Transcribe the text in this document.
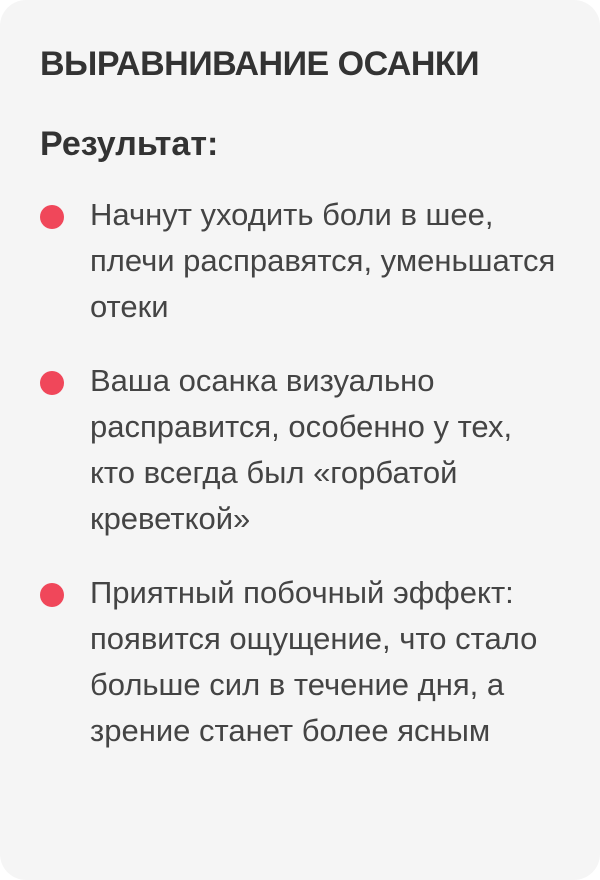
ВЫРАВНИВАНИЕ ОСАНКИ
Результат:
Начнут уходить боли в шее, плечи расправятся, уменьшатся отеки
Ваша осанка визуально расправится, особенно у тех, кто всегда был «горбатой креветкой»
Приятный побочный эффект: появится ощущение, что стало больше сил в течение дня, а зрение станет более ясным
